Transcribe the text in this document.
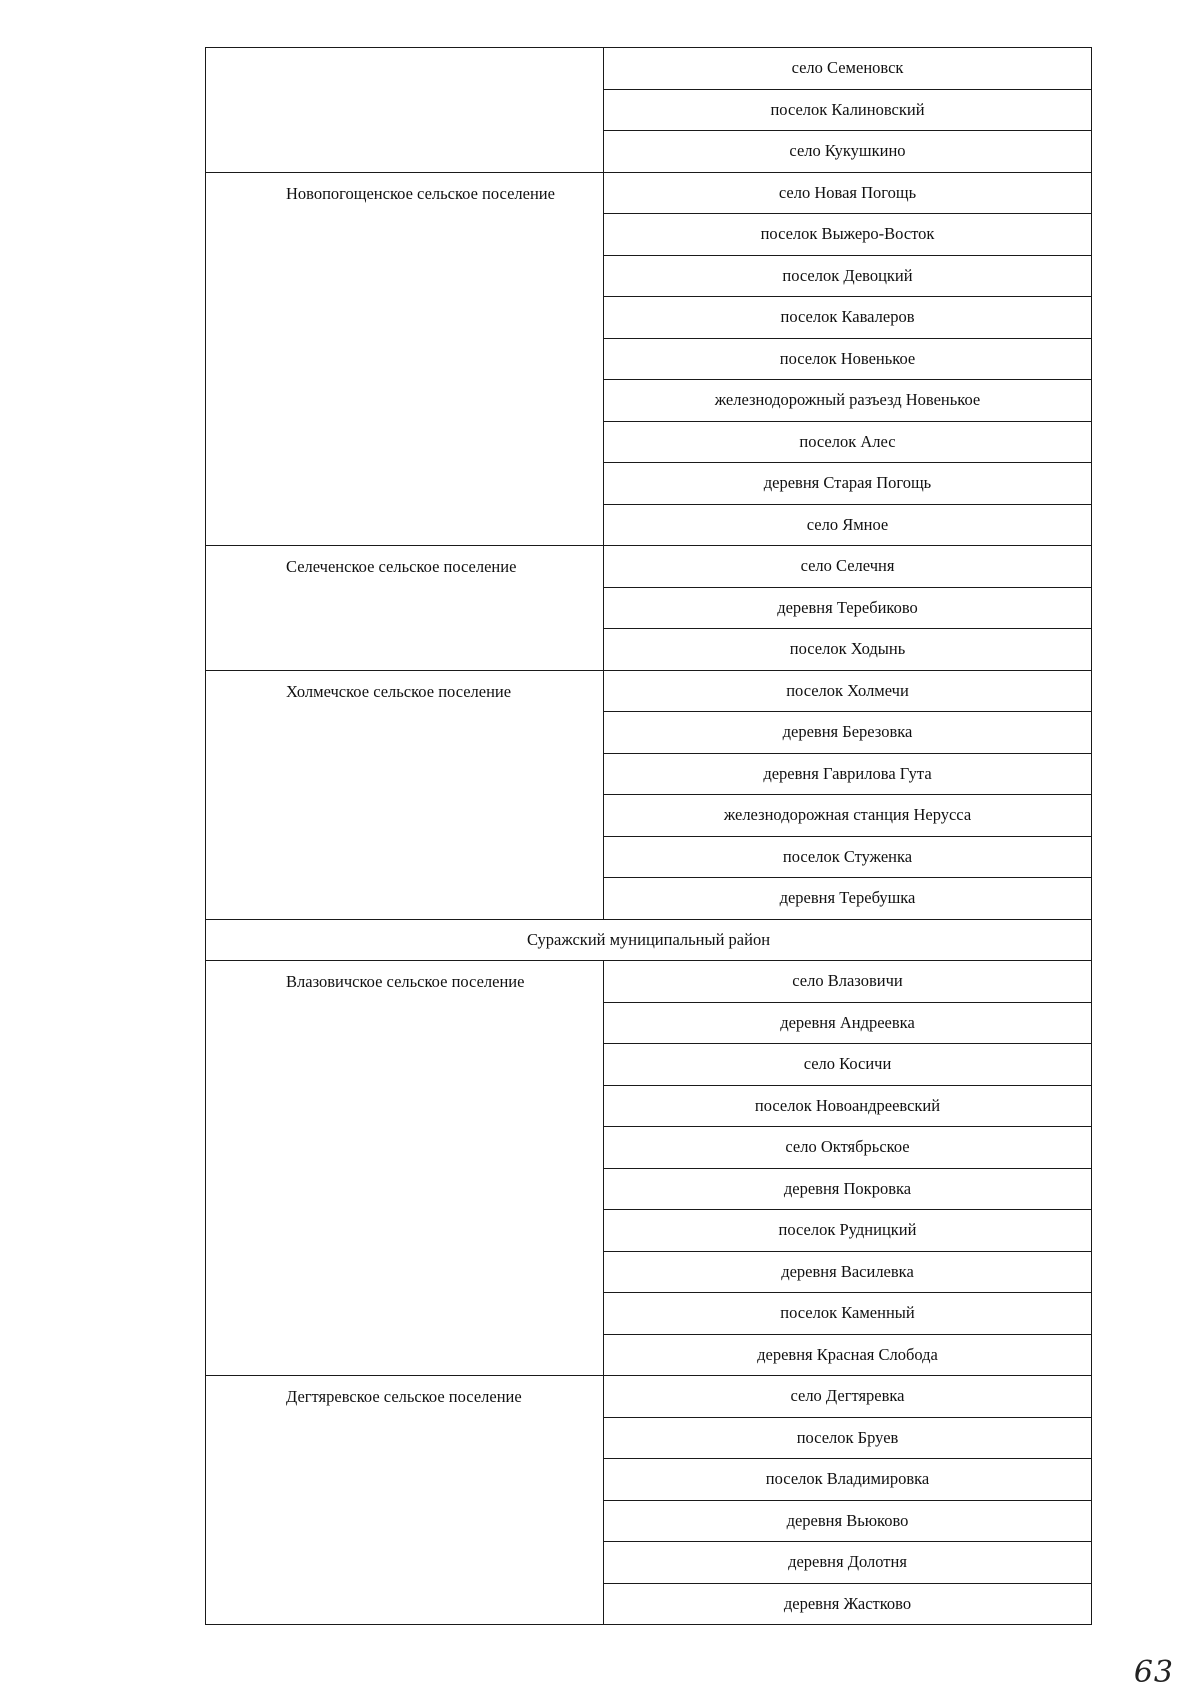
	село Семеновск
	поселок Калиновский
	село Кукушкино
Новопогощенское сельское поселение	село Новая Погощь
	поселок Выжеро-Восток
	поселок Девоцкий
	поселок Кавалеров
	поселок Новенькое
	железнодорожный разъезд Новенькое
	поселок Алес
	деревня Старая Погощь
	село Ямное
Селеченское сельское поселение	село Селечня
	деревня Теребиково
	поселок Ходынь
Холмечское сельское поселение	поселок Холмечи
	деревня Березовка
	деревня Гаврилова Гута
	железнодорожная станция Нерусса
	поселок Стуженка
	деревня Теребушка
Суражский муниципальный район	
Влазовичское сельское поселение	село Влазовичи
	деревня Андреевка
	село Косичи
	поселок Новоандреевский
	село Октябрьское
	деревня Покровка
	поселок Рудницкий
	деревня Василевка
	поселок Каменный
	деревня Красная Слобода
Дегтяревское сельское поселение	село Дегтяревка
	поселок Бруев
	поселок Владимировка
	деревня Вьюково
	деревня Долотня
	деревня Жастково
63
